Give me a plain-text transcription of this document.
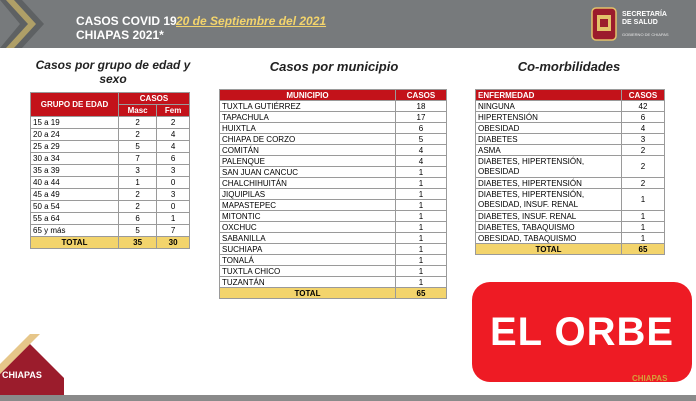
CASOS COVID 19 20 de Septiembre del 2021
CHIAPAS 2021*
SECRETARÍA
DE SALUD
GOBIERNO DE CHIAPAS
Casos por grupo de edad y sexo
Casos por municipio	Co-morbilidades
GRUPO DE EDAD	CASOS	
	Masc	Fem
15 a 19	2	2
20 a 24	2	4
25 a 29	5	4
30 a 34	7	6
35 a 39	3	3
40 a 44	1	0
45 a 49	2	3
50 a 54	2	0
55 a 64	6	1
65 y más	5	7
TOTAL	35	30
MUNICIPIO	CASOS
TUXTLA GUTIÉRREZ	18
TAPACHULA	17
HUIXTLA	6
CHIAPA DE CORZO	5
COMITÁN	4
PALENQUE	4
SAN JUAN CANCUC	1
CHALCHIHUITÁN	1
JIQUIPILAS	1
MAPASTEPEC	1
MITONTIC	1
OXCHUC	1
SABANILLA	1
SUCHIAPA	1
TONALÁ	1
TUXTLA CHICO	1
TUZANTÁN	1
TOTAL	65
ENFERMEDAD	CASOS
NINGUNA	42
HIPERTENSIÓN	6
OBESIDAD	4
DIABETES	3
ASMA	2
DIABETES, HIPERTENSIÓN, OBESIDAD	2
DIABETES, HIPERTENSIÓN	2
DIABETES, HIPERTENSIÓN, OBESIDAD, INSUF. RENAL	1
DIABETES, INSUF. RENAL	1
DIABETES, TABAQUISMO	1
OBESIDAD, TABAQUISMO	1
TOTAL	65
EL ORBE
CHIAPAS	CHIAPAS
